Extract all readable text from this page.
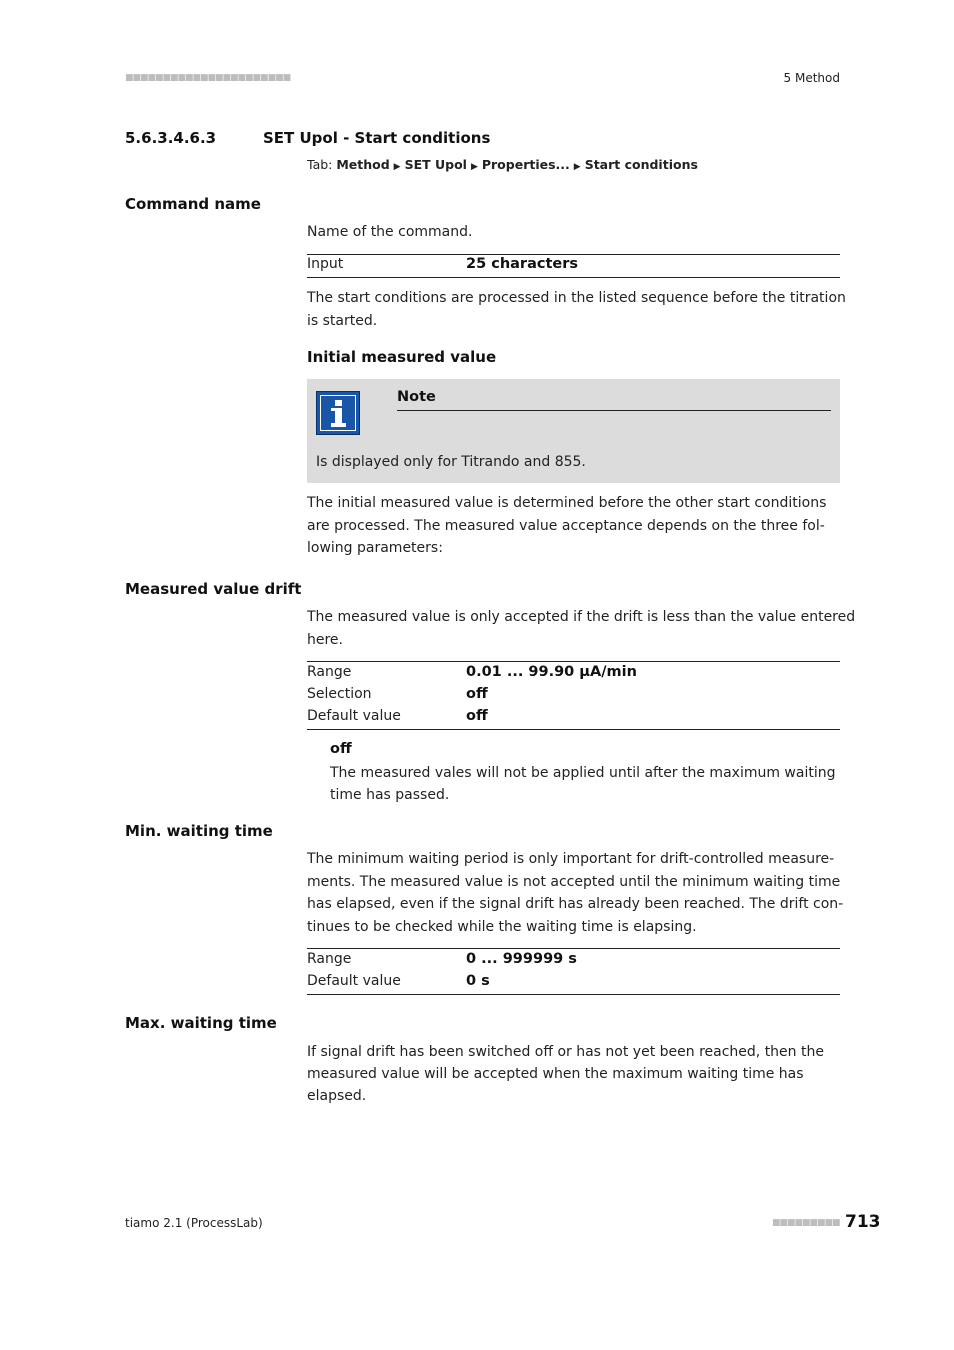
■■■■■■■■■■■■■■■■■■■■■■	5 Method
5.6.3.4.6.3	SET Upol - Start conditions
Tab: Method ▶ SET Upol ▶ Properties... ▶ Start conditions
Command name
Name of the command.
Input	25 characters
The start conditions are processed in the listed sequence before the titration
is started.
Initial measured value
Note
Is displayed only for Titrando and 855.
The initial measured value is determined before the other start conditions
are processed. The measured value acceptance depends on the three fol-
lowing parameters:
Measured value drift
The measured value is only accepted if the drift is less than the value entered
here.
Range	0.01 ... 99.90 µA/min
Selection	off
Default value	off
off
The measured vales will not be applied until after the maximum waiting
time has passed.
Min. waiting time
The minimum waiting period is only important for drift-controlled measure-
ments. The measured value is not accepted until the minimum waiting time
has elapsed, even if the signal drift has already been reached. The drift con-
tinues to be checked while the waiting time is elapsing.
Range	0 ... 999999 s
Default value	0 s
Max. waiting time
If signal drift has been switched off or has not yet been reached, then the
measured value will be accepted when the maximum waiting time has
elapsed.
tiamo 2.1 (ProcessLab)	■■■■■■■■■ 713
